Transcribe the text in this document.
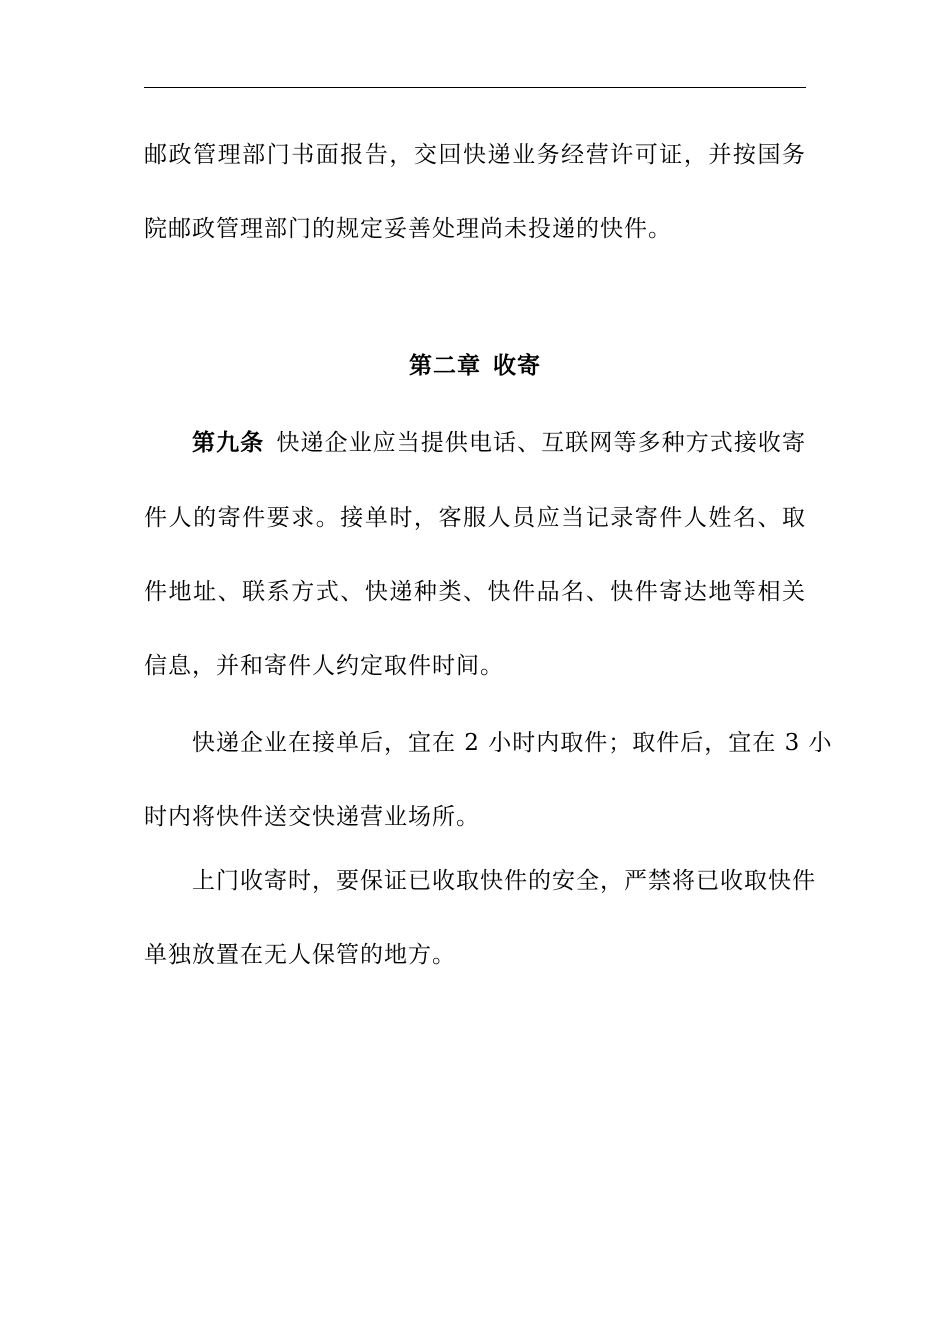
邮政管理部门书面报告，交回快递业务经营许可证，并按国务
院邮政管理部门的规定妥善处理尚未投递的快件。
第二章 收寄
第九条 快递企业应当提供电话、互联网等多种方式接收寄
件人的寄件要求。接单时，客服人员应当记录寄件人姓名、取
件地址、联系方式、快递种类、快件品名、快件寄达地等相关
信息，并和寄件人约定取件时间。
快递企业在接单后，宜在 2 小时内取件；取件后，宜在 3 小
时内将快件送交快递营业场所。
上门收寄时，要保证已收取快件的安全，严禁将已收取快件
单独放置在无人保管的地方。
